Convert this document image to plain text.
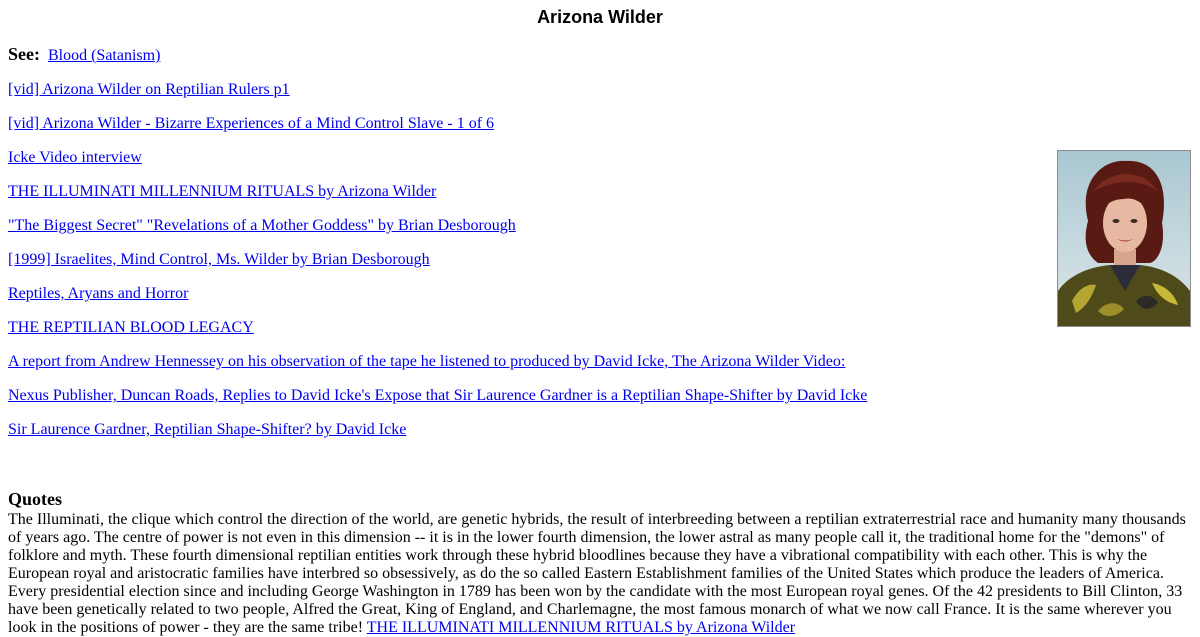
Arizona Wilder
See: Blood (Satanism)
[vid] Arizona Wilder on Reptilian Rulers p1
[vid] Arizona Wilder - Bizarre Experiences of a Mind Control Slave - 1 of 6
Icke Video interview
THE ILLUMINATI MILLENNIUM RITUALS by Arizona Wilder
"The Biggest Secret" "Revelations of a Mother Goddess" by Brian Desborough
[1999] Israelites, Mind Control, Ms. Wilder by Brian Desborough
Reptiles, Aryans and Horror
THE REPTILIAN BLOOD LEGACY
A report from Andrew Hennessey on his observation of the tape he listened to produced by David Icke, The Arizona Wilder Video:
Nexus Publisher, Duncan Roads, Replies to David Icke's Expose that Sir Laurence Gardner is a Reptilian Shape-Shifter by David Icke
Sir Laurence Gardner, Reptilian Shape-Shifter? by David Icke
Quotes

The Illuminati, the clique which control the direction of the world, are genetic hybrids, the result of interbreeding between a reptilian extraterrestrial race and humanity many thousands of years ago. The centre of power is not even in this dimension -- it is in the lower fourth dimension, the lower astral as many people call it, the traditional home for the "demons" of folklore and myth. These fourth dimensional reptilian entities work through these hybrid bloodlines because they have a vibrational compatibility with each other. This is why the European royal and aristocratic families have interbred so obsessively, as do the so called Eastern Establishment families of the United States which produce the leaders of America. Every presidential election since and including George Washington in 1789 has been won by the candidate with the most European royal genes. Of the 42 presidents to Bill Clinton, 33 have been genetically related to two people, Alfred the Great, King of England, and Charlemagne, the most famous monarch of what we now call France. It is the same wherever you look in the positions of power - they are the same tribe! THE ILLUMINATI MILLENNIUM RITUALS by Arizona Wilder
